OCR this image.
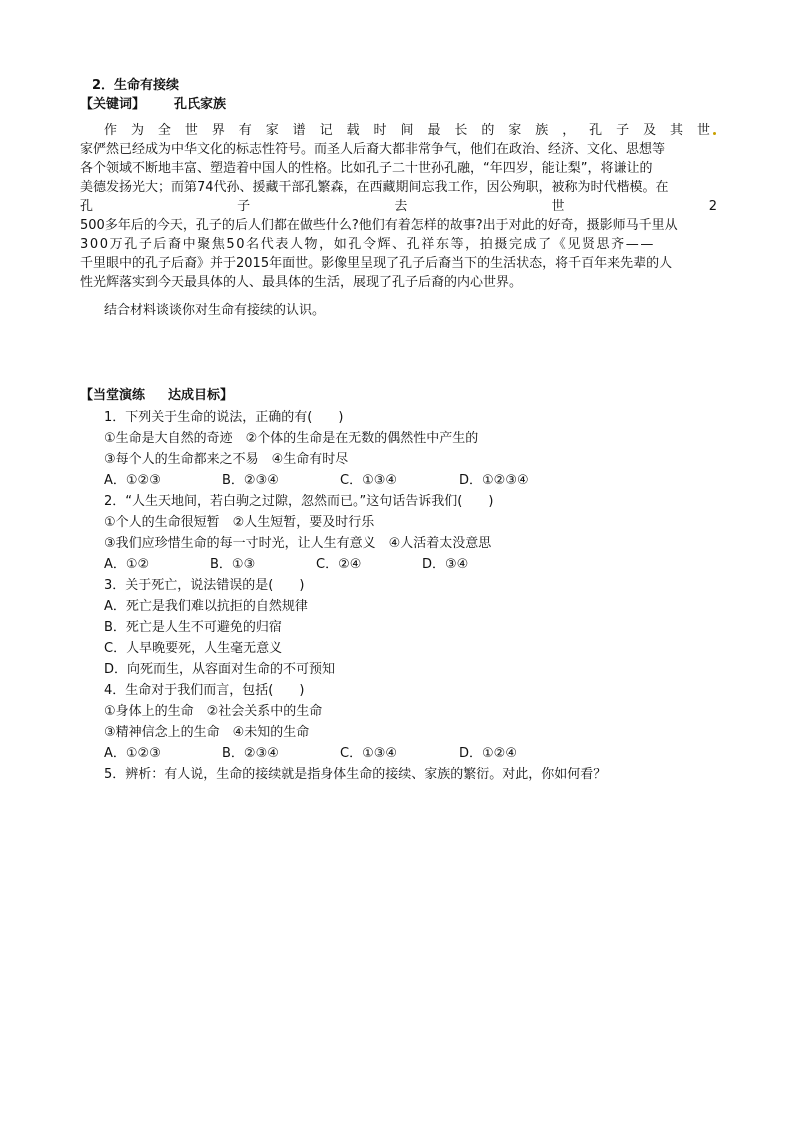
2．生命有接续
【关键词】 孔氏家族
作 为 全 世 界 有 家 谱 记 载 时 间 最 长 的 家 族 ， 孔 子 及 其 世
家俨然已经成为中华文化的标志性符号。而圣人后裔大都非常争气，他们在政治、经济、文化、思想等
各个领域不断地丰富、塑造着中国人的性格。比如孔子二十世孙孔融，“年四岁，能让梨”，将谦让的
美德发扬光大；而第74代孙、援藏干部孔繁森，在西藏期间忘我工作，因公殉职，被称为时代楷模。在
孔	子	去	世	2
500多年后的今天，孔子的后人们都在做些什么?他们有着怎样的故事?出于对此的好奇，摄影师马千里从
300万孔子后裔中聚焦50名代表人物，如孔令辉、孔祥东等，拍摄完成了《见贤思齐——
千里眼中的孔子后裔》并于2015年面世。影像里呈现了孔子后裔当下的生活状态，将千百年来先辈的人
性光辉落实到今天最具体的人、最具体的生活，展现了孔子后裔的内心世界。
结合材料谈谈你对生命有接续的认识。
【当堂演练 达成目标】
1．下列关于生命的说法，正确的有(　　)
①生命是大自然的奇迹　②个体的生命是在无数的偶然性中产生的
③每个人的生命都来之不易　④生命有时尽
A．①②③	B．②③④	C．①③④	D．①②③④
2．“人生天地间，若白驹之过隙，忽然而已。”这句话告诉我们(　　)
①个人的生命很短暂　②人生短暂，要及时行乐
③我们应珍惜生命的每一寸时光，让人生有意义　④人活着太没意思
A．①②	B．①③	C．②④	D．③④
3．关于死亡，说法错误的是(　　)
A．死亡是我们难以抗拒的自然规律
B．死亡是人生不可避免的归宿
C．人早晚要死，人生毫无意义
D．向死而生，从容面对生命的不可预知
4．生命对于我们而言，包括(　　)
①身体上的生命　②社会关系中的生命
③精神信念上的生命　④未知的生命
A．①②③	B．②③④	C．①③④	D．①②④
5．辨析：有人说，生命的接续就是指身体生命的接续、家族的繁衍。对此，你如何看？
